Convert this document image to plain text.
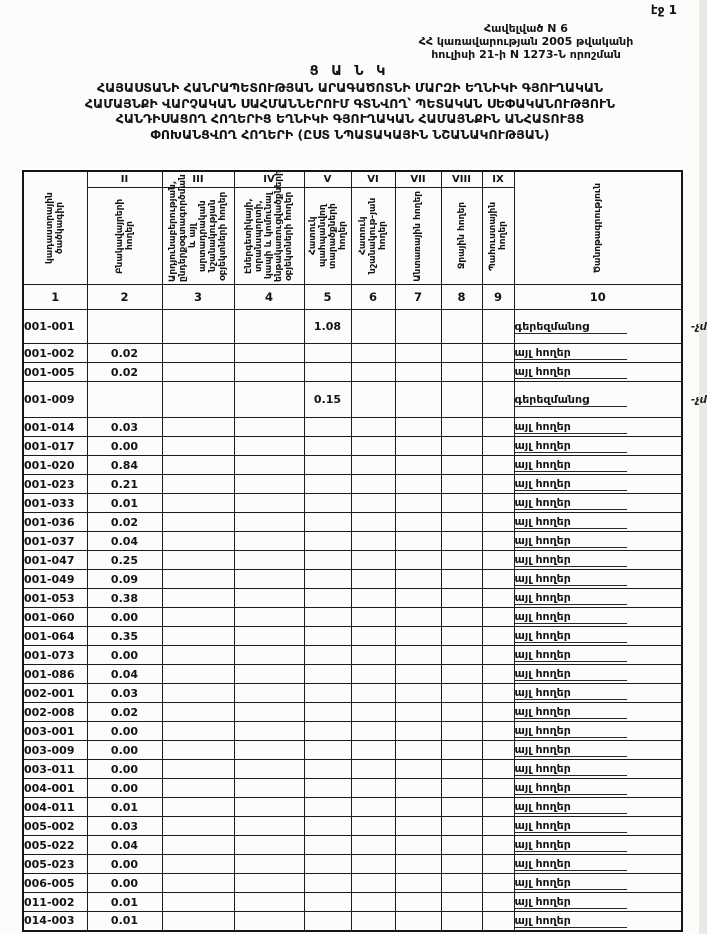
էջ 1
Հավելված N 6
ՀՀ կառավարության 2005 թվականի
հուլիսի 21-ի N 1273-Ն որոշման
Ց Ա Ն Կ
ՀԱՅԱՍՏԱՆԻ ՀԱՆՐԱՊԵՏՈՒԹՅԱՆ ԱՐԱԳԱԾՈՏՆԻ ՄԱՐԶԻ ԵՂՆԻԿԻ ԳՅՈՒՂԱԿԱՆ
ՀԱՄԱՅՆՔԻ ՎԱՐՉԱԿԱՆ ՍԱՀՄԱՆՆԵՐՈՒՄ ԳՏՆՎՈՂ՝ ՊԵՏԱԿԱՆ ՍԵՓԱԿԱՆՈՒԹՅՈՒՆ
ՀԱՆԴԻՍԱՑՈՂ ՀՈՂԵՐԻՑ ԵՂՆԻԿԻ ԳՅՈՒՂԱԿԱՆ ՀԱՄԱՅՆՔԻՆ ԱՆՀԱՏՈՒՅՑ
ՓՈԽԱՆՑՎՈՂ ՀՈՂԵՐԻ (ԸՍՏ ՆՊԱՏԱԿԱՅԻՆ ՆՇԱՆԱԿՈՒԹՅԱՆ)
կադաստրային ծածկագիր	II	III	IV	V	VI	VII	VIII	IX	Ծանոթագրություն

	Բնակավայրերի հողեր	Արդյունաբերության, ընդերքօգտագործման և այլ արտադրական նշանակության օբյեկտների հողեր	Էներգետիկայի, տրանսպորտի, կապի և կոմունալ ենթակառուցվածքների օբյեկտների հողեր	Հատուկ պահպանվող տարածքների հողեր	Հատուկ նշանակութ-յան հողեր	Անտառային հողեր	Ջրային հողեր	Պահուստային հողեր	

1	2	3	4	5	6	7	8	9	10
001-001				1.08					գերեզմանոց -չմ

001-002	0.02								այլ հողեր
001-005	0.02								այլ հողեր
001-009				0.15					գերեզմանոց -չմ

001-014	0.03								այլ հողեր
001-017	0.00								այլ հողեր
001-020	0.84								այլ հողեր
001-023	0.21								այլ հողեր
001-033	0.01								այլ հողեր
001-036	0.02								այլ հողեր
001-037	0.04								այլ հողեր
001-047	0.25								այլ հողեր
001-049	0.09								այլ հողեր
001-053	0.38								այլ հողեր
001-060	0.00								այլ հողեր
001-064	0.35								այլ հողեր
001-073	0.00								այլ հողեր
001-086	0.04								այլ հողեր
002-001	0.03								այլ հողեր
002-008	0.02								այլ հողեր
003-001	0.00								այլ հողեր
003-009	0.00								այլ հողեր
003-011	0.00								այլ հողեր
004-001	0.00								այլ հողեր
004-011	0.01								այլ հողեր
005-002	0.03								այլ հողեր
005-022	0.04								այլ հողեր
005-023	0.00								այլ հողեր
006-005	0.00								այլ հողեր
011-002	0.01								այլ հողեր
014-003	0.01								այլ հողեր
